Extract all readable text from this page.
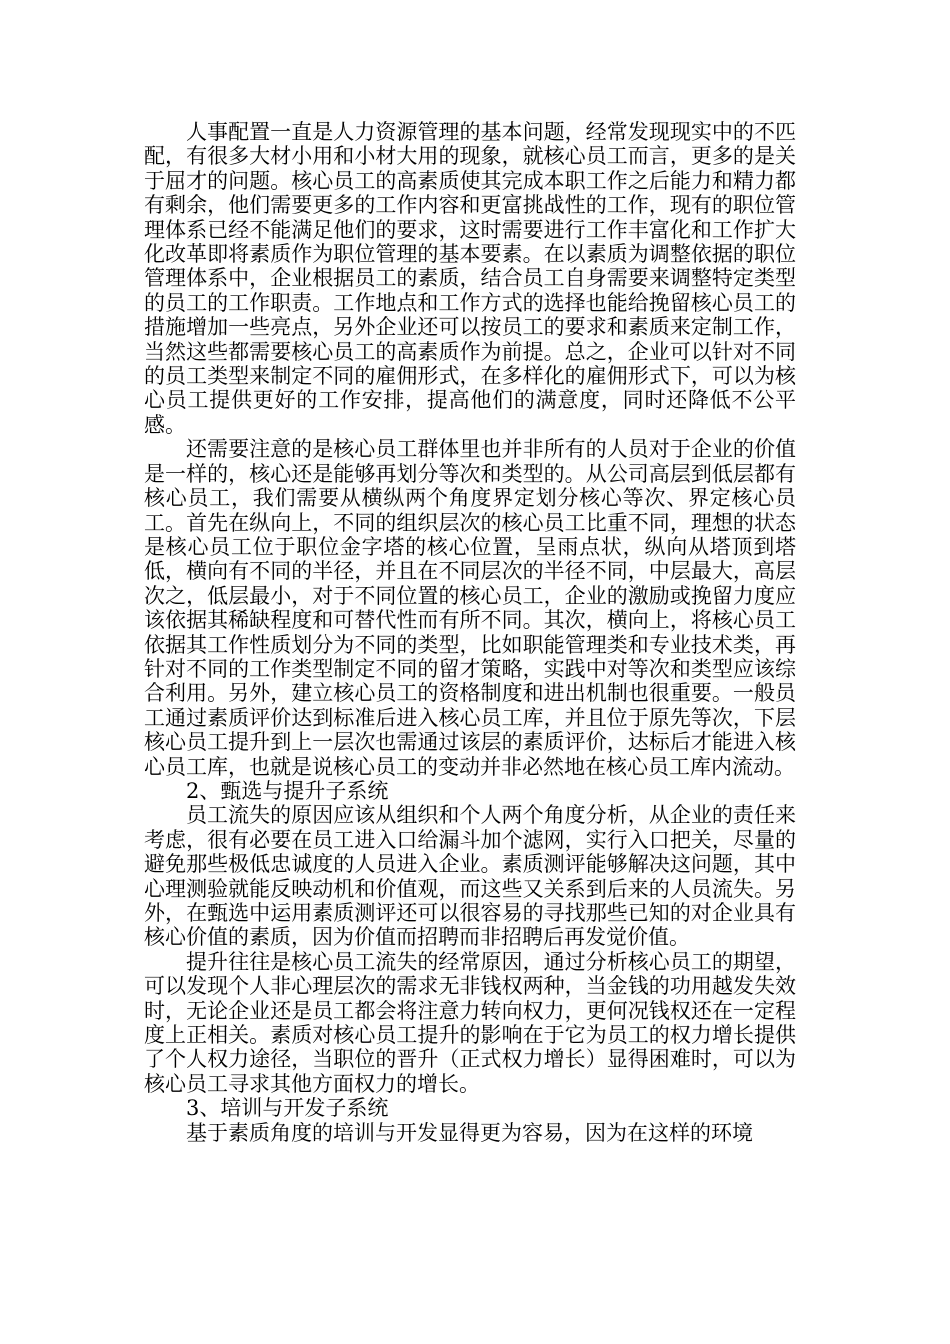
人事配置一直是人力资源管理的基本问题，经常发现现实中的不匹配，有很多大材小用和小材大用的现象，就核心员工而言，更多的是关于屈才的问题。核心员工的高素质使其完成本职工作之后能力和精力都有剩余，他们需要更多的工作内容和更富挑战性的工作，现有的职位管理体系已经不能满足他们的要求，这时需要进行工作丰富化和工作扩大化改革即将素质作为职位管理的基本要素。在以素质为调整依据的职位管理体系中，企业根据员工的素质，结合员工自身需要来调整特定类型的员工的工作职责。工作地点和工作方式的选择也能给挽留核心员工的措施增加一些亮点，另外企业还可以按员工的要求和素质来定制工作，当然这些都需要核心员工的高素质作为前提。总之，企业可以针对不同的员工类型来制定不同的雇佣形式，在多样化的雇佣形式下，可以为核心员工提供更好的工作安排，提高他们的满意度，同时还降低不公平感。

还需要注意的是核心员工群体里也并非所有的人员对于企业的价值是一样的，核心还是能够再划分等次和类型的。从公司高层到低层都有核心员工，我们需要从横纵两个角度界定划分核心等次、界定核心员工。首先在纵向上，不同的组织层次的核心员工比重不同，理想的状态是核心员工位于职位金字塔的核心位置，呈雨点状，纵向从塔顶到塔低，横向有不同的半径，并且在不同层次的半径不同，中层最大，高层次之，低层最小，对于不同位置的核心员工，企业的激励或挽留力度应该依据其稀缺程度和可替代性而有所不同。其次，横向上，将核心员工依据其工作性质划分为不同的类型，比如职能管理类和专业技术类，再针对不同的工作类型制定不同的留才策略，实践中对等次和类型应该综合利用。另外，建立核心员工的资格制度和进出机制也很重要。一般员工通过素质评价达到标准后进入核心员工库，并且位于原先等次，下层核心员工提升到上一层次也需通过该层的素质评价，达标后才能进入核心员工库，也就是说核心员工的变动并非必然地在核心员工库内流动。

2、甄选与提升子系统

员工流失的原因应该从组织和个人两个角度分析，从企业的责任来考虑，很有必要在员工进入口给漏斗加个滤网，实行入口把关，尽量的避免那些极低忠诚度的人员进入企业。素质测评能够解决这问题，其中心理测验就能反映动机和价值观，而这些又关系到后来的人员流失。另外，在甄选中运用素质测评还可以很容易的寻找那些已知的对企业具有核心价值的素质，因为价值而招聘而非招聘后再发觉价值。

提升往往是核心员工流失的经常原因，通过分析核心员工的期望，可以发现个人非心理层次的需求无非钱权两种，当金钱的功用越发失效时，无论企业还是员工都会将注意力转向权力，更何况钱权还在一定程度上正相关。素质对核心员工提升的影响在于它为员工的权力增长提供了个人权力途径，当职位的晋升（正式权力增长）显得困难时，可以为核心员工寻求其他方面权力的增长。

3、培训与开发子系统

基于素质角度的培训与开发显得更为容易，因为在这样的环境
